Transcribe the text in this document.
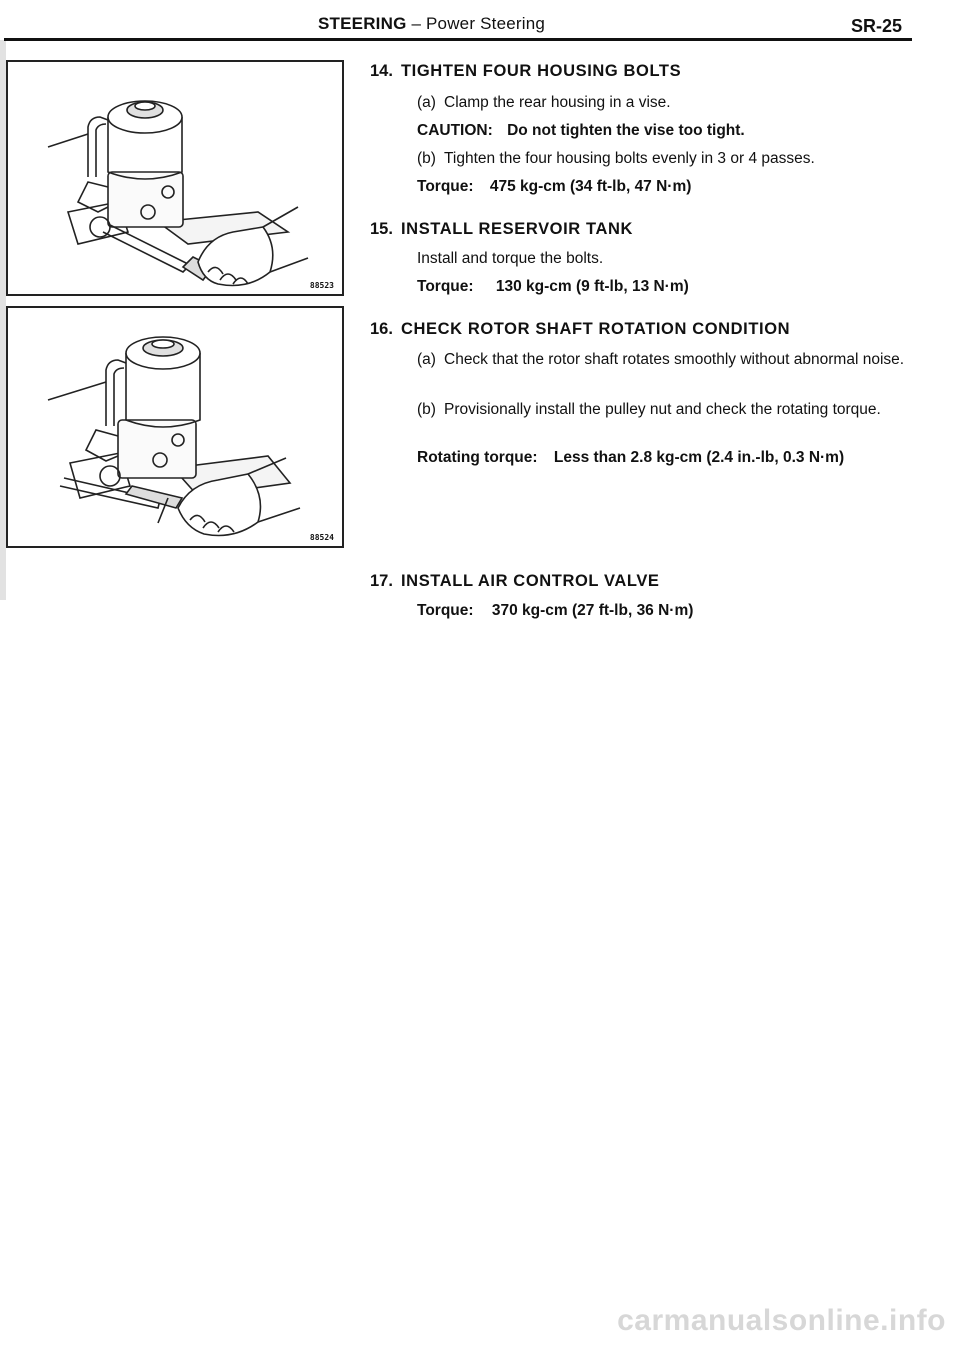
STEERING – Power Steering	SR-25
88523
88524
14. TIGHTEN FOUR HOUSING BOLTS
(a) Clamp the rear housing in a vise.
CAUTION: Do not tighten the vise too tight.
(b) Tighten the four housing bolts evenly in 3 or 4 passes.
Torque: 475 kg-cm (34 ft-lb, 47 N·m)
15. INSTALL RESERVOIR TANK
Install and torque the bolts.
Torque: 130 kg-cm (9 ft-lb, 13 N·m)
16. CHECK ROTOR SHAFT ROTATION CONDITION
(a) Check that the rotor shaft rotates smoothly without abnormal noise.
(b) Provisionally install the pulley nut and check the rotating torque.
Rotating torque: Less than 2.8 kg-cm (2.4 in.-lb, 0.3 N·m)
17. INSTALL AIR CONTROL VALVE
Torque: 370 kg-cm (27 ft-lb, 36 N·m)
carmanualsonline.info
